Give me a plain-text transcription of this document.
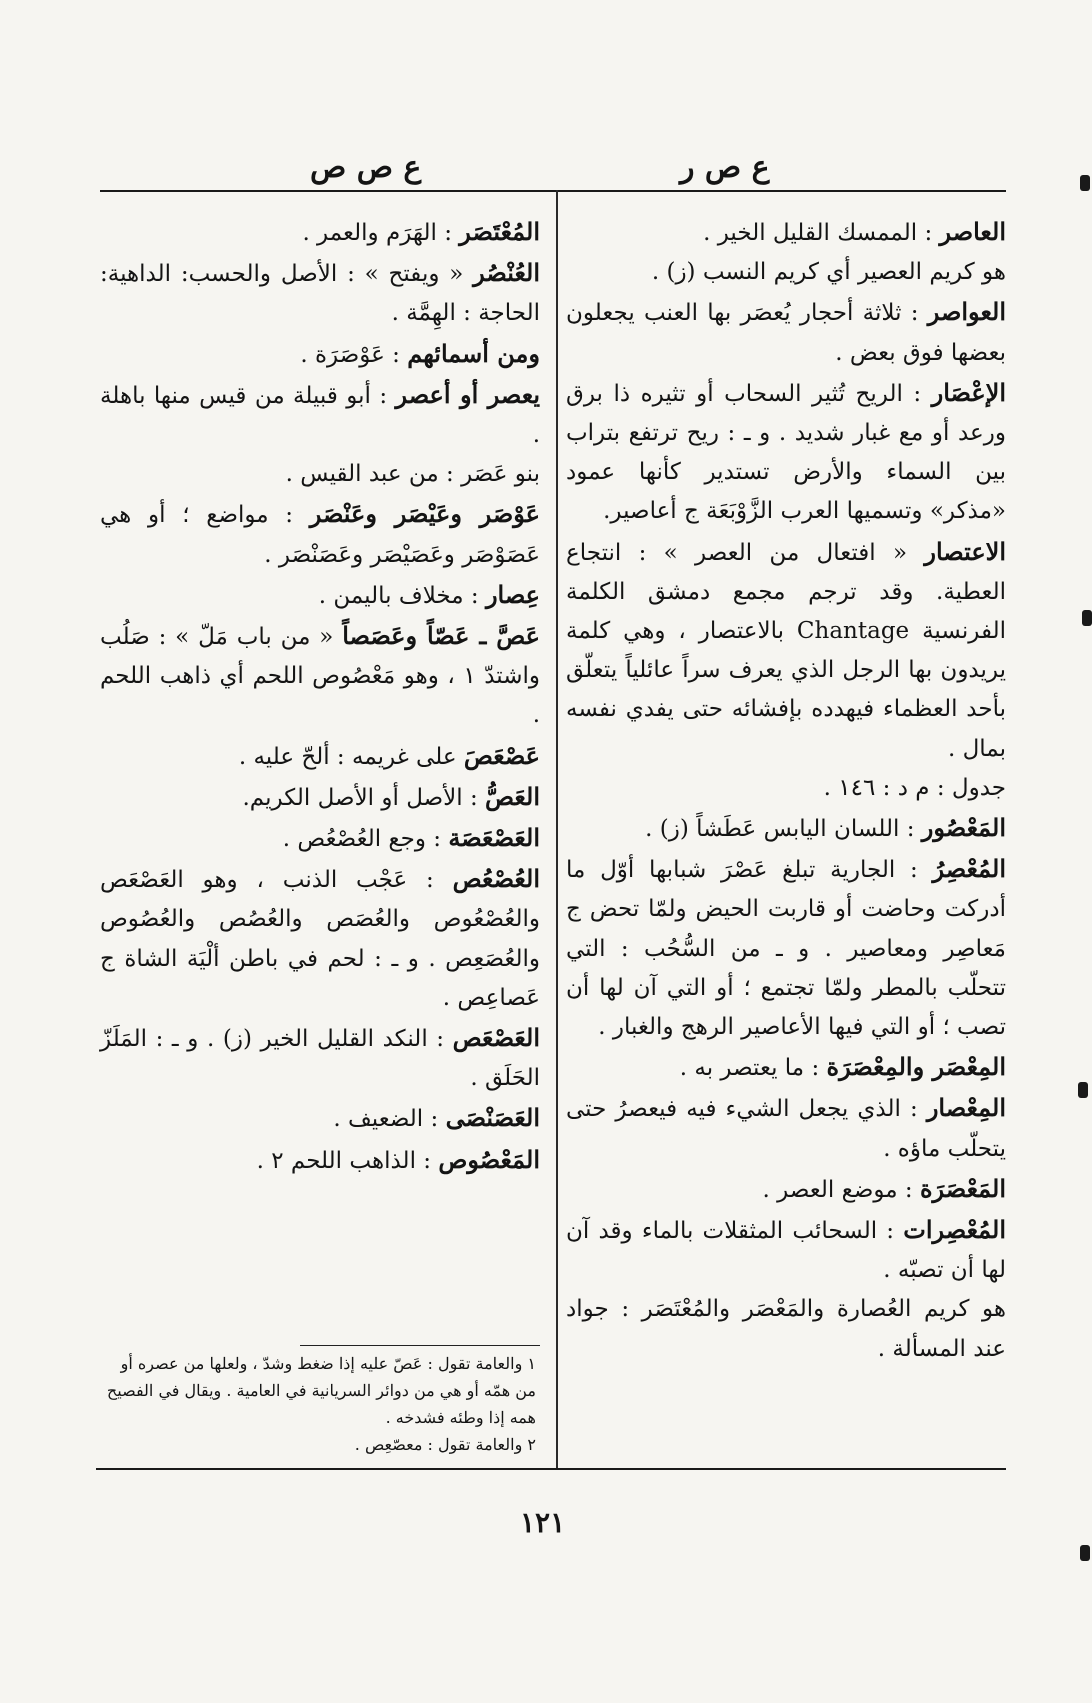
ع ص ر
ع ص ص

العاصر : الممسك القليل الخير .

هو كريم العصير أي كريم النسب (ز) .

العواصر : ثلاثة أحجار يُعصَر بها العنب يجعلون بعضها فوق بعض .

الإعْصَار : الريح تُثير السحاب أو تثيره ذا برق ورعد أو مع غبار شديد . و ـ : ريح ترتفع بتراب بين السماء والأرض تستدير كأنها عمود «مذكر» وتسميها العرب الزَّوْبَعَة ج أعاصير.

الاعتصار « افتعال من العصر » : انتجاع العطية. وقد ترجم مجمع دمشق الكلمة الفرنسية Chantage بالاعتصار ، وهي كلمة يريدون بها الرجل الذي يعرف سراً عائلياً يتعلّق بأحد العظماء فيهدده بإفشائه حتى يفدي نفسه بمال .

جدول : م د : ١٤٦ .

المَعْصُور : اللسان اليابس عَطَشاً (ز) .

المُعْصِرُ : الجارية تبلغ عَصْرَ شبابها أوّل ما أدركت وحاضت أو قاربت الحيض ولمّا تحض ج مَعاصِر ومعاصير . و ـ من السُّحُب : التي تتحلّب بالمطر ولمّا تجتمع ؛ أو التي آن لها أن تصب ؛ أو التي فيها الأعاصير الرهج والغبار .

المِعْصَر والمِعْصَرَة : ما يعتصر به .

المِعْصار : الذي يجعل الشيء فيه فيعصرُ حتى يتحلّب ماؤه .

المَعْصَرَة : موضع العصر .

المُعْصِرات : السحائب المثقلات بالماء وقد آن لها أن تصبّه .

هو كريم العُصارة والمَعْصَر والمُعْتَصَر : جواد عند المسألة .

المُعْتَصَر : الهَرَم والعمر .

العُنْصُر « ويفتح » : الأصل والحسب: الداهية: الحاجة : الهِمَّة .

ومن أسمائهم : عَوْصَرَة .

يعصر أو أعصر : أبو قبيلة من قيس منها باهلة .

بنو عَصَر : من عبد القيس .

عَوْصَر وعَيْصَر وعَنْصَر : مواضع ؛ أو هي عَصَوْصَر وعَصَيْصَر وعَصَنْصَر .

عِصار : مخلاف باليمن .

عَصَّ ـ عَصّاً وعَصَصاً « من باب مَلّ » : صَلُب واشتدّ ١ ، وهو مَعْصُوص اللحم أي ذاهب اللحم .

عَصْعَصَ على غريمه : ألحّ عليه .

العَصُّ : الأصل أو الأصل الكريم.

العَصْعَصَة : وجع العُصْعُص .

العُصْعُص : عَجْب الذنب ، وهو العَصْعَص والعُصْعُوص والعُصَص والعُصُص والعُصُوص والعُصَعِص . و ـ : لحم في باطن ألْيَة الشاة ج عَصاعِص .

العَصْعَص : النكد القليل الخير (ز) . و ـ : المَلَزّ الحَلَق .

العَصَنْصَى : الضعيف .

المَعْصُوص : الذاهب اللحم ٢ .

١ والعامة تقول : عَصّ عليه إذا ضغط وشدّ ، ولعلها من عصره أو من همّه أو هي من دوائر السريانية في العامية . ويقال في الفصيح همه إذا وطئه فشدخه .

٢ والعامة تقول : معصّعِص .

١٢١
